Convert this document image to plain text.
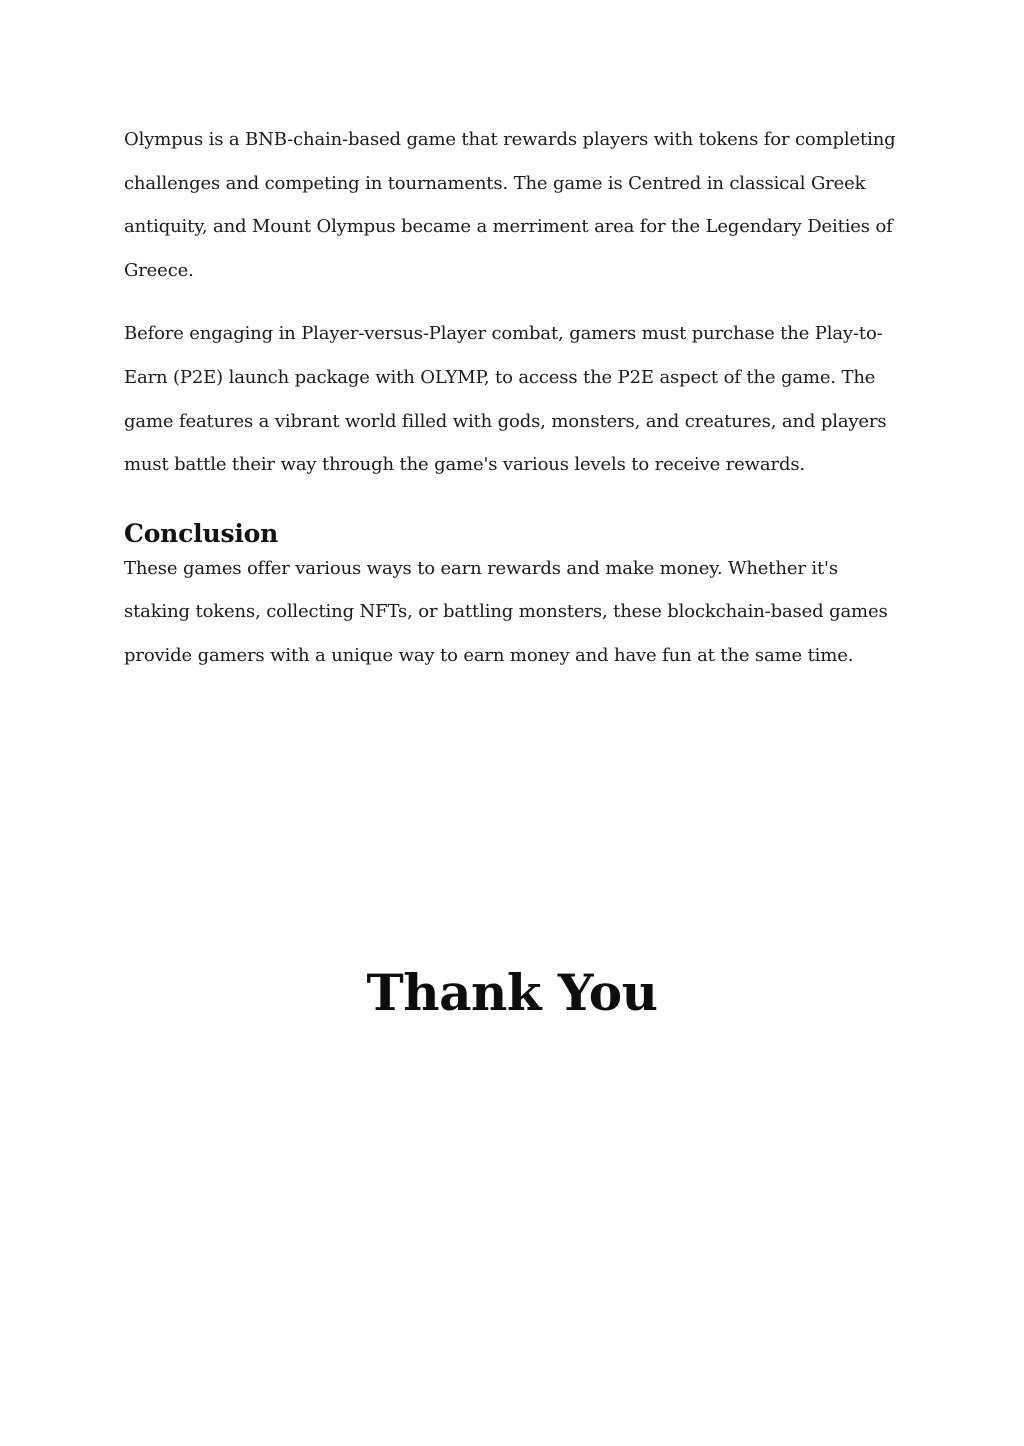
Olympus is a BNB-chain-based game that rewards players with tokens for completing challenges and competing in tournaments. The game is Centred in classical Greek antiquity, and Mount Olympus became a merriment area for the Legendary Deities of Greece.

Before engaging in Player-versus-Player combat, gamers must purchase the Play-to-Earn (P2E) launch package with OLYMP, to access the P2E aspect of the game. The game features a vibrant world filled with gods, monsters, and creatures, and players must battle their way through the game's various levels to receive rewards.

Conclusion

These games offer various ways to earn rewards and make money. Whether it's staking tokens, collecting NFTs, or battling monsters, these blockchain-based games provide gamers with a unique way to earn money and have fun at the same time.

Thank You
